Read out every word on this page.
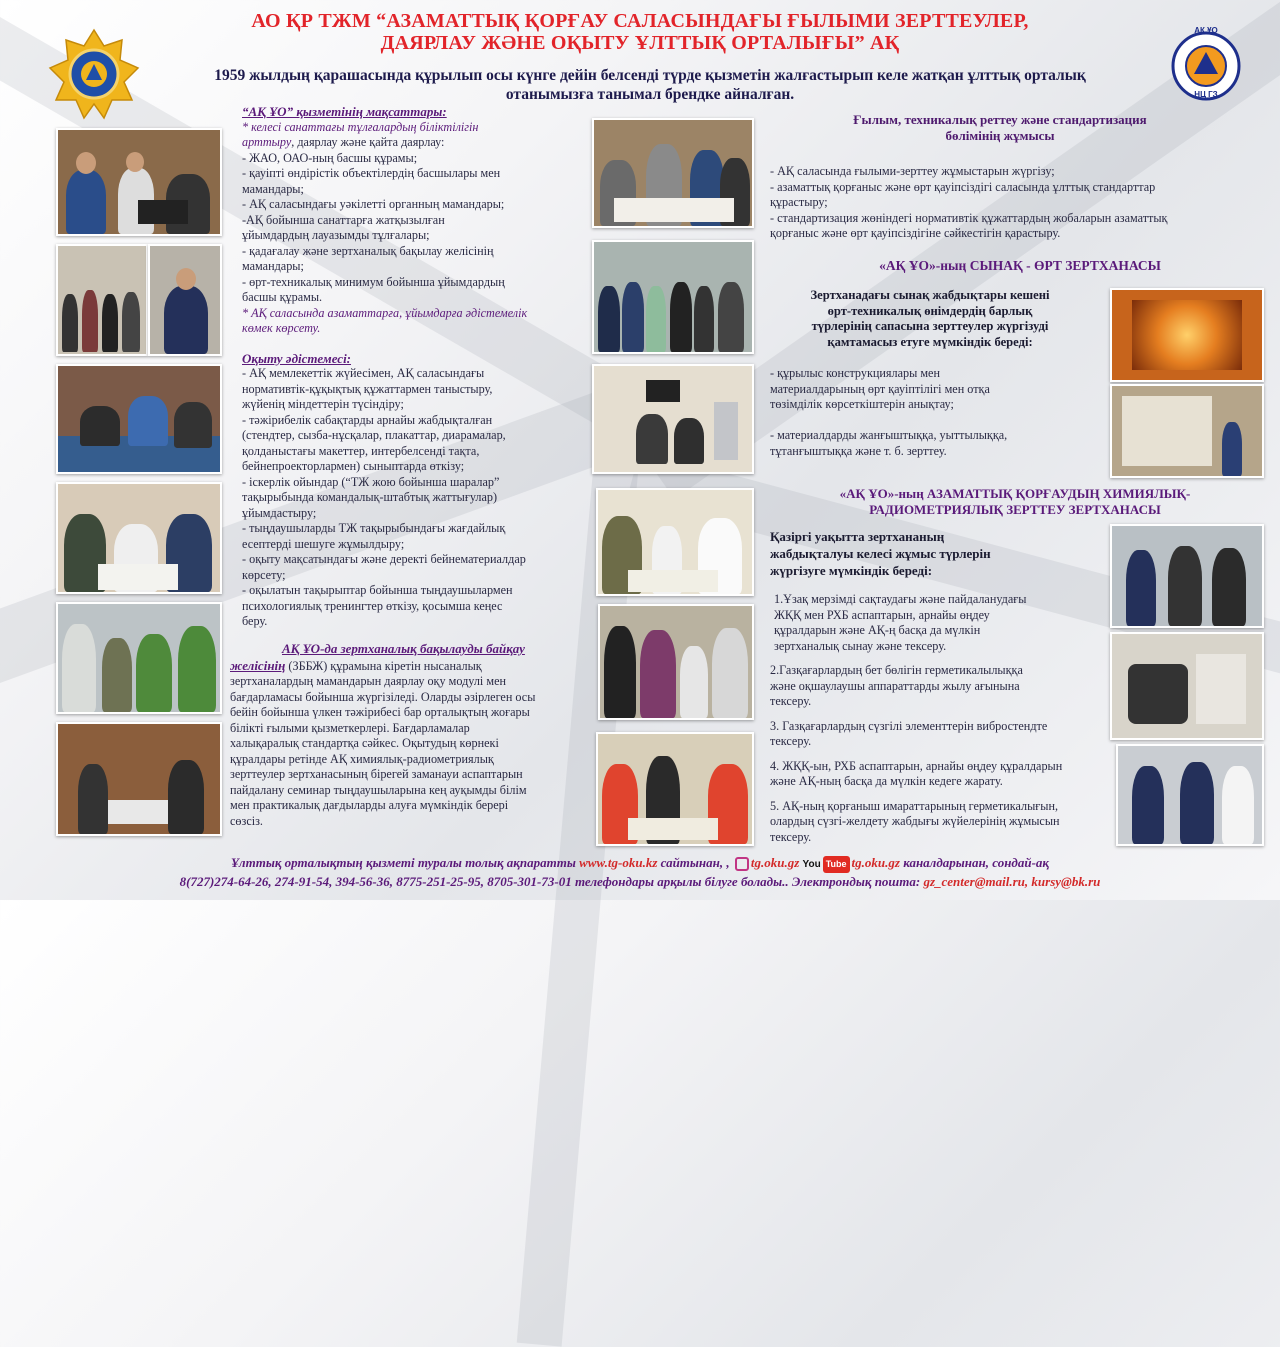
АҚ ҰО
НЦ ГЗ
АО ҚР ТЖМ “АЗАМАТТЫҚ ҚОРҒАУ САЛАСЫНДАҒЫ ҒЫЛЫМИ ЗЕРТТЕУЛЕР,
ДАЯРЛАУ ЖӘНЕ ОҚЫТУ ҰЛТТЫҚ ОРТАЛЫҒЫ” АҚ
1959 жылдың қарашасында құрылып осы күнге дейін белсенді түрде қызметін жалғастырып келе жатқан ұлттық орталық
отанымызға танымал брендке айналған.

“АҚ ҰО” қызметінің мақсаттары:

* келесі санаттағы тұлғалардың біліктілігін

арттыру, даярлау және қайта даярлау:

- ЖАО, ОАО-ның басшы құрамы;

- қауіпті өндірістік объектілердің басшылары мен

мамандары;

- АҚ саласындағы уәкілетті органның мамандары;

-АҚ бойынша санаттарға жатқызылған

ұйымдардың лауазымды тұлғалары;

- қадағалау және зертханалық бақылау желісінің

мамандары;

- өрт-техникалық минимум бойынша ұйымдардың

басшы құрамы.

* АҚ саласында азаматтарға, ұйымдарға әдістемелік

көмек көрсету.

Оқыту әдістемесі:

- АҚ мемлекеттік жүйесімен, АҚ саласындағы

нормативтік-құқықтық құжаттармен таныстыру,

жүйенің міндеттерін түсіндіру;

- тәжірибелік сабақтарды арнайы жабдықталған

(стендтер, сызба-нұсқалар, плакаттар, диарамалар,

қолданыстағы макеттер, интербелсенді тақта,

бейнепроекторлармен) сыныптарда өткізу;

- іскерлік ойындар (“ТЖ жою бойынша шаралар”

тақырыбында командалық-штабтық жаттығулар)

ұйымдастыру;

- тыңдаушыларды ТЖ тақырыбындағы жағдайлық

есептерді шешуге жұмылдыру;

- оқыту мақсатындағы және деректі бейнематериалдар

көрсету;

- оқылатын тақырыптар бойынша тыңдаушылармен

психологиялық тренингтер өткізу, қосымша кеңес

беру.

АҚ ҰО-да зертханалық бақылауды байқау

желісінің (ЗББЖ) құрамына кіретін нысаналық

зертханалардың мамандарын даярлау оқу модулі мен

бағдарламасы бойынша жүргізіледі. Оларды әзірлеген осы

бейін бойынша үлкен тәжірибесі бар орталықтың жоғары

білікті ғылыми қызметкерлері. Бағдарламалар

халықаралық стандартқа сәйкес. Оқытудың көрнекі

құралдары ретінде АҚ химиялық-радиометриялық

зерттеулер зертханасының бірегей заманауи аспаптарын

пайдалану семинар тыңдаушыларына кең ауқымды білім

мен практикалық дағдыларды алуға мүмкіндік берері

сөзсіз.

Ғылым, техникалық реттеу және стандартизация

бөлімінің жұмысы

- АҚ саласында ғылыми-зерттеу жұмыстарын жүргізу;

- азаматтық қорғаныс және өрт қауіпсіздігі саласында ұлттық стандарттар

құрастыру;

- стандартизация жөніндегі нормативтік құжаттардың жобаларын азаматтық

қорғаныс және өрт қауіпсіздігіне сәйкестігін қарастыру.

«АҚ ҰО»-ның СЫНАҚ - ӨРТ ЗЕРТХАНАСЫ

Зертханадағы сынақ жабдықтары кешені

өрт-техникалық өнімдердің барлық

түрлерінің сапасына зерттеулер жүргізуді

қамтамасыз етуге мүмкіндік береді:

- құрылыс конструкциялары мен

материалдарының өрт қауіптілігі мен отқа

төзімділік көрсеткіштерін анықтау;

- материалдарды жанғыштыққа, уыттылыққа,

тұтанғыштыққа және т. б. зерттеу.

«АҚ ҰО»-ның АЗАМАТТЫҚ ҚОРҒАУДЫҢ ХИМИЯЛЫҚ-

РАДИОМЕТРИЯЛЫҚ ЗЕРТТЕУ ЗЕРТХАНАСЫ

Қазіргі уақытта зертхананың

жабдықталуы келесі жұмыс түрлерін

жүргізуге мүмкіндік береді:

1.Ұзақ мерзімді сақтаудағы және пайдаланудағы

ЖҚҚ мен РХБ аспаптарын, арнайы өңдеу

құралдарын және АҚ-ң басқа да мүлкін

зертханалық сынау және тексеру.

2.Газқағарлардың бет бөлігін герметикалылыққа

және оқшаулаушы аппараттарды жылу ағынына

тексеру.

3. Газқағарлардың сүзгілі элементтерін вибростендте

тексеру.

4. ЖҚҚ-ын, РХБ аспаптарын, арнайы өңдеу құралдарын

және АҚ-ның басқа да мүлкін кедеге жарату.

5. АҚ-ның қорғаныш имараттарының герметикалығын,

олардың сүзгі-желдету жабдығы жүйелерінің жұмысын

тексеру.

Ұлттық орталықтың қызметі туралы толық ақпаратты www.tg-oku.kz сайтынан, , tg.oku.gz You Tube tg.oku.gz каналдарынан, сондай-ақ

8(727)274-64-26, 274-91-54, 394-56-36, 8775-251-25-95, 8705-301-73-01 телефондары арқылы білуге болады.. Электрондық пошта: gz_center@mail.ru, kursy@bk.ru
